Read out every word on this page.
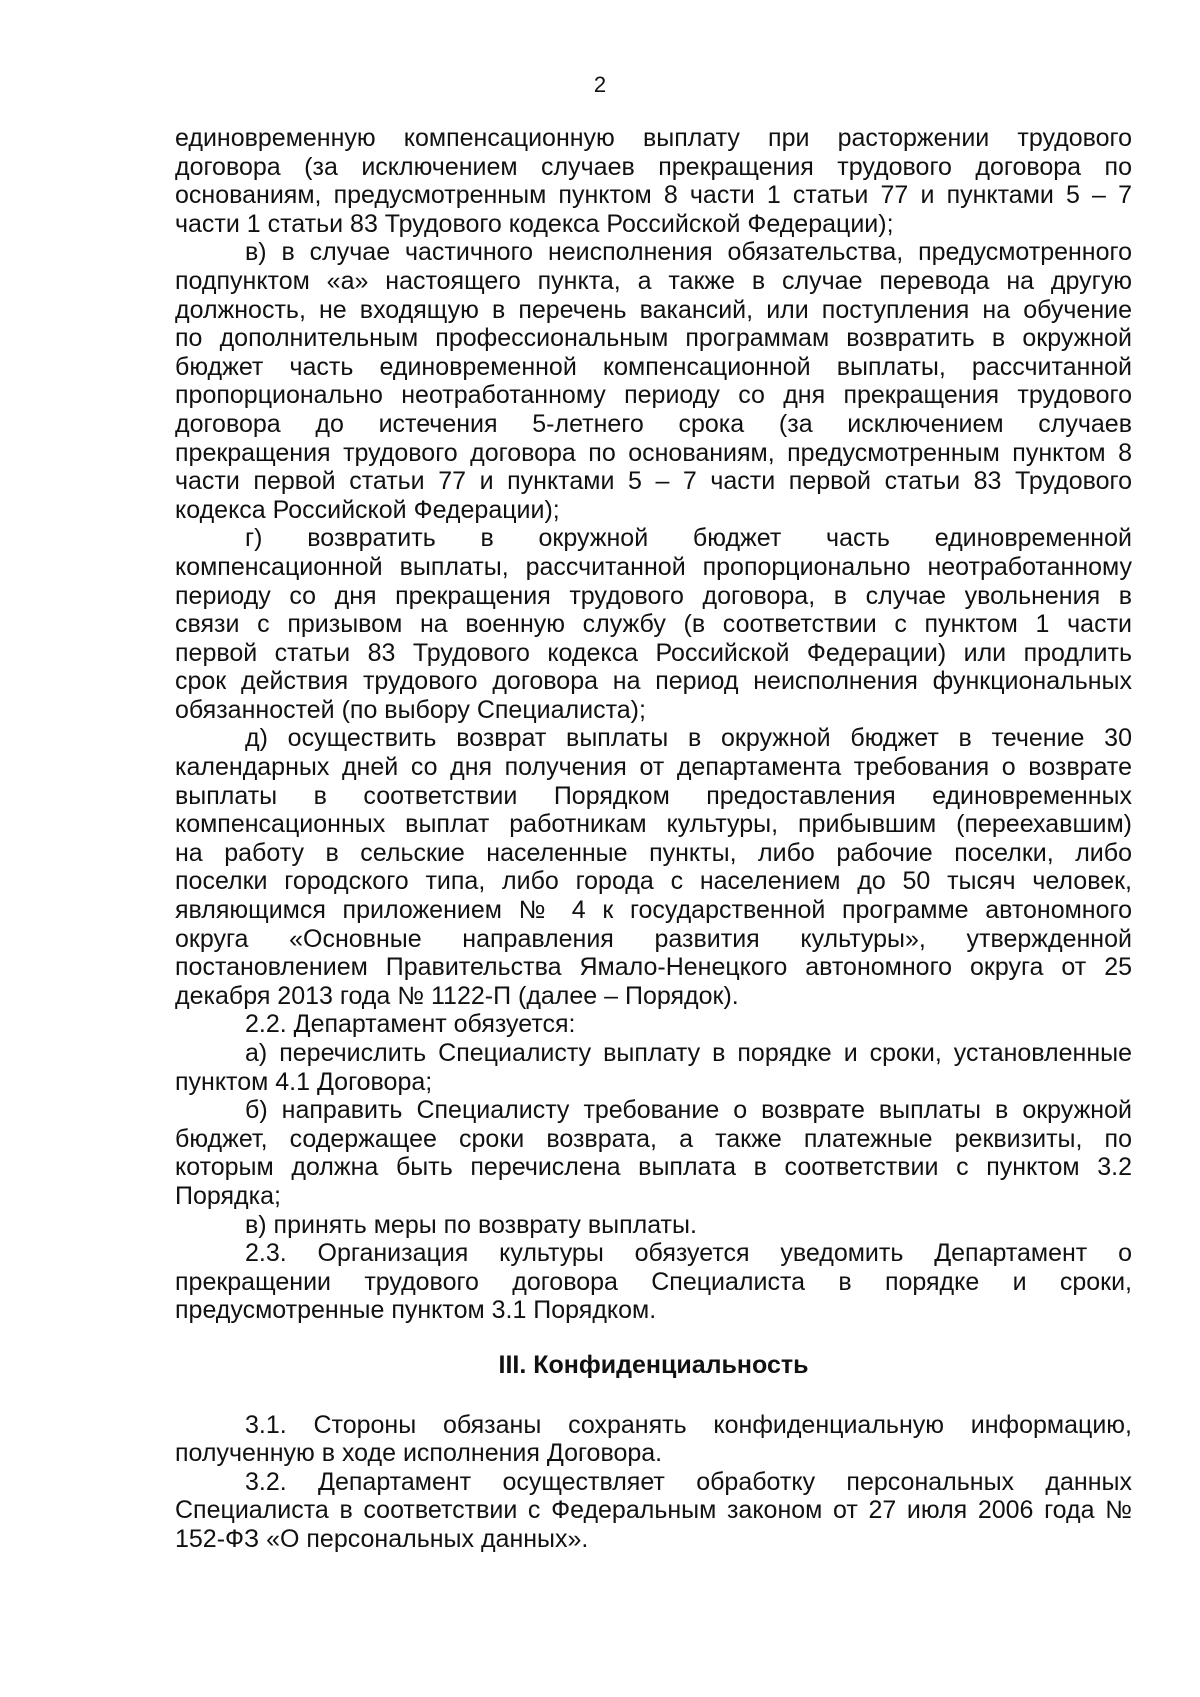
2

единовременную компенсационную выплату при расторжении трудового
договора (за исключением случаев прекращения трудового договора по
основаниям, предусмотренным пунктом 8 части 1 статьи 77 и пунктами 5 – 7
части 1 статьи 83 Трудового кодекса Российской Федерации);

в) в случае частичного неисполнения обязательства, предусмотренного
подпунктом «а» настоящего пункта, а также в случае перевода на другую
должность, не входящую в перечень вакансий, или поступления на обучение
по дополнительным профессиональным программам возвратить в окружной
бюджет часть единовременной компенсационной выплаты, рассчитанной
пропорционально неотработанному периоду со дня прекращения трудового
договора до истечения 5-летнего срока (за исключением случаев
прекращения трудового договора по основаниям, предусмотренным пунктом 8
части первой статьи 77 и пунктами 5 – 7 части первой статьи 83 Трудового
кодекса Российской Федерации);

г) возвратить в окружной бюджет часть единовременной
компенсационной выплаты, рассчитанной пропорционально неотработанному
периоду со дня прекращения трудового договора, в случае увольнения в
связи с призывом на военную службу (в соответствии с пунктом 1 части
первой статьи 83 Трудового кодекса Российской Федерации) или продлить
срок действия трудового договора на период неисполнения функциональных
обязанностей (по выбору Специалиста);

д) осуществить возврат выплаты в окружной бюджет в течение 30
календарных дней со дня получения от департамента требования о возврате
выплаты в соответствии Порядком предоставления единовременных
компенсационных выплат работникам культуры, прибывшим (переехавшим)
на работу в сельские населенные пункты, либо рабочие поселки, либо
поселки городского типа, либо города с населением до 50 тысяч человек,
являющимся приложением № 4 к государственной программе автономного
округа «Основные направления развития культуры», утвержденной
постановлением Правительства Ямало-Ненецкого автономного округа от 25
декабря 2013 года № 1122-П (далее – Порядок).

2.2. Департамент обязуется:

а) перечислить Специалисту выплату в порядке и сроки, установленные
пунктом 4.1 Договора;

б) направить Специалисту требование о возврате выплаты в окружной
бюджет, содержащее сроки возврата, а также платежные реквизиты, по
которым должна быть перечислена выплата в соответствии с пунктом 3.2
Порядка;

в) принять меры по возврату выплаты.

2.3. Организация культуры обязуется уведомить Департамент о
прекращении трудового договора Специалиста в порядке и сроки,
предусмотренные пунктом 3.1 Порядком.

III. Конфиденциальность

3.1. Стороны обязаны сохранять конфиденциальную информацию,
полученную в ходе исполнения Договора.

3.2. Департамент осуществляет обработку персональных данных
Специалиста в соответствии с Федеральным законом от 27 июля 2006 года №
152-ФЗ «О персональных данных».
